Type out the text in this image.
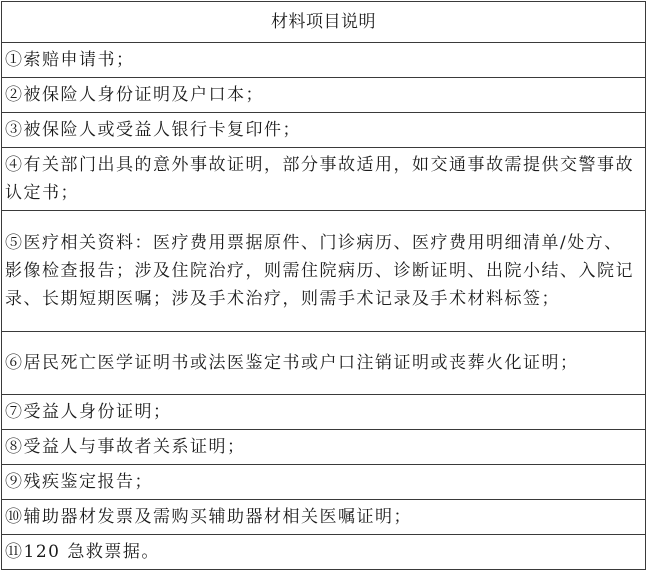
材料项目说明
①索赔申请书；
②被保险人身份证明及户口本；
③被保险人或受益人银行卡复印件；
④有关部门出具的意外事故证明，部分事故适用，如交通事故需提供交警事故认定书；
⑤医疗相关资料：医疗费用票据原件、门诊病历、医疗费用明细清单/处方、影像检查报告；涉及住院治疗，则需住院病历、诊断证明、出院小结、入院记录、长期短期医嘱；涉及手术治疗，则需手术记录及手术材料标签；
⑥居民死亡医学证明书或法医鉴定书或户口注销证明或丧葬火化证明；
⑦受益人身份证明；
⑧受益人与事故者关系证明；
⑨残疾鉴定报告；
⑩辅助器材发票及需购买辅助器材相关医嘱证明；
⑪120 急救票据。
